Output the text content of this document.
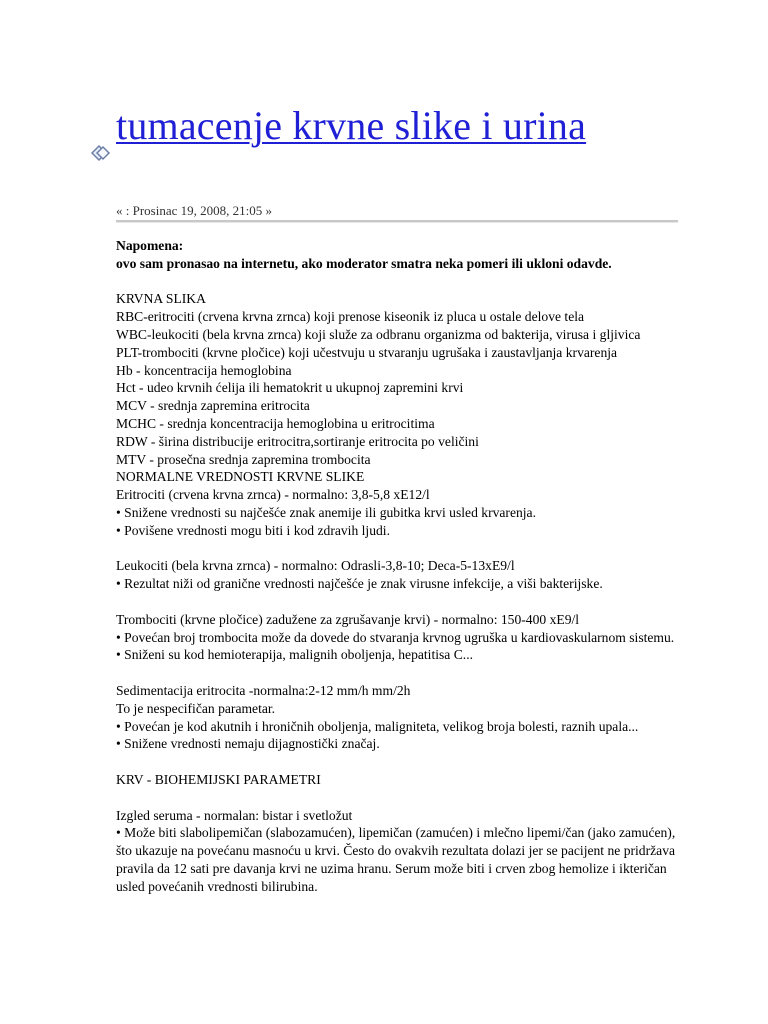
tumacenje krvne slike i urina
« : Prosinac 19, 2008, 21:05 »

Napomena:

ovo sam pronasao na internetu, ako moderator smatra neka pomeri ili ukloni odavde.

KRVNA SLIKA

RBC-eritrociti (crvena krvna zrnca) koji prenose kiseonik iz pluca u ostale delove tela

WBC-leukociti (bela krvna zrnca) koji služe za odbranu organizma od bakterija, virusa i gljivica

PLT-trombociti (krvne pločice) koji učestvuju u stvaranju ugrušaka i zaustavljanja krvarenja

Hb - koncentracija hemoglobina

Hct - udeo krvnih ćelija ili hematokrit u ukupnoj zapremini krvi

MCV - srednja zapremina eritrocita

MCHC - srednja koncentracija hemoglobina u eritrocitima

RDW - širina distribucije eritrocitra,sortiranje eritrocita po veličini

MTV - prosečna srednja zapremina trombocita

NORMALNE VREDNOSTI KRVNE SLIKE

Eritrociti (crvena krvna zrnca) - normalno: 3,8-5,8 xE12/l

• Snižene vrednosti su najčešće znak anemije ili gubitka krvi usled krvarenja.

• Povišene vrednosti mogu biti i kod zdravih ljudi.

Leukociti (bela krvna zrnca) - normalno: Odrasli-3,8-10; Deca-5-13xE9/l

• Rezultat niži od granične vrednosti najčešće je znak virusne infekcije, a viši bakterijske.

Trombociti (krvne pločice) zadužene za zgrušavanje krvi) - normalno: 150-400 xE9/l

• Povećan broj trombocita može da dovede do stvaranja krvnog ugruška u kardiovaskularnom sistemu.

• Sniženi su kod hemioterapija, malignih oboljenja, hepatitisa C...

Sedimentacija eritrocita -normalna:2-12 mm/h mm/2h

To je nespecifičan parametar.

• Povećan je kod akutnih i hroničnih oboljenja, maligniteta, velikog broja bolesti, raznih upala...

• Snižene vrednosti nemaju dijagnostički značaj.

KRV - BIOHEMIJSKI PARAMETRI

Izgled seruma - normalan: bistar i svetložut

• Može biti slabolipemičan (slabozamućen), lipemičan (zamućen) i mlečno lipemi/čan (jako zamućen), što ukazuje na povećanu masnoću u krvi. Često do ovakvih rezultata dolazi jer se pacijent ne pridržava pravila da 12 sati pre davanja krvi ne uzima hranu. Serum može biti i crven zbog hemolize i ikteričan usled povećanih vrednosti bilirubina.
